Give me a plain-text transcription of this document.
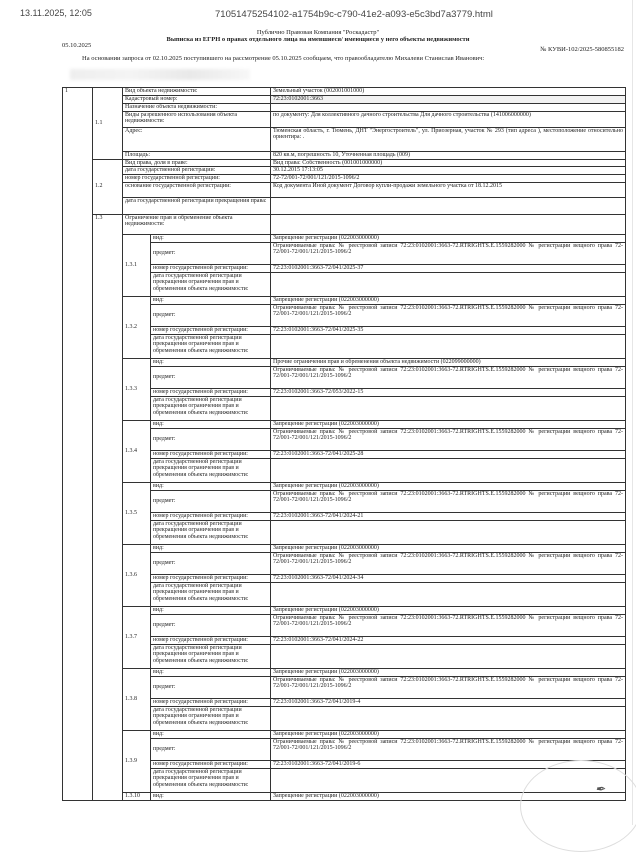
13.11.2025, 12:05	71051475254102-a1754b9c-c790-41e2-a093-e5c3bd7a3779.html
Публично Правовая Компания "Роскадастр"
Выписка из ЕГРН о правах отдельного лица на имевшиеся/ имеющиеся у него объекты недвижимости
05.10.2025
№ КУВИ-102/2025-580855182
На основании запроса от 02.10.2025 поступившего на рассмотрение 05.10.2025 сообщаем, что правообладателю Михалеви Станислав Иванович:
1	1.1	Вид объекта недвижимости:		Земельный участок (002001001000)
		Кадастровый номер:		72:23:0102001:3663
		Назначение объекта недвижимости:		
		Виды разрешенного использования объекта недвижимости:		по документу: Для коллективного дачного строительства Для дачного строительства (141006000000)
		Адрес:		Тюменская область, г. Тюмень, ДНТ "Энергостроитель", ул. Приозерная, участок № 293 (тип адреса ), местоположение относительно ориентира: .
		Площадь:		820 кв.м, погрешность 10, Уточненная площадь (009)
	1.2	Вид права, доля в праве:		Вид права: Собственность (001001000000)
		дата государственной регистрации:		30.12.2015 17:13:05
		номер государственной регистрации:		72-72/001-72/001/121/2015-1096/2
		основание государственной регистрации:		Код документа Иной документ Договор купли-продажи земельного участка от 18.12.2015
		дата государственной регистрации прекращения права:		
	1.3	Ограничение прав и обременение объекта недвижимости:		
		1.3.1	вид:	Запрещение регистрации (022003000000)
			предмет:	Ограничиваемые права: № реестровой записи 72:23:0102001:3663-72.RTRIGHTS.E.1559282000 № регистрации вещного права 72-72/001-72/001/121/2015-1096/2
			номер государственной регистрации:	72:23:0102001:3663-72/041/2025-37
			дата государственной регистрации прекращения ограничения прав и обременения объекта недвижимости:	
		1.3.2	вид:	Запрещение регистрации (022003000000)
			предмет:	Ограничиваемые права: № реестровой записи 72:23:0102001:3663-72.RTRIGHTS.E.1559282000 № регистрации вещного права 72-72/001-72/001/121/2015-1096/2
			номер государственной регистрации:	72:23:0102001:3663-72/041/2025-35
			дата государственной регистрации прекращения ограничения прав и обременения объекта недвижимости:	
		1.3.3	вид:	Прочие ограничения прав и обременения объекта недвижимости (022099000000)
			предмет:	Ограничиваемые права: № реестровой записи 72:23:0102001:3663-72.RTRIGHTS.E.1559282000 № регистрации вещного права 72-72/001-72/001/121/2015-1096/2
			номер государственной регистрации:	72:23:0102001:3663-72/053/2022-15
			дата государственной регистрации прекращения ограничения прав и обременения объекта недвижимости:	
		1.3.4	вид:	Запрещение регистрации (022003000000)
			предмет:	Ограничиваемые права: № реестровой записи 72:23:0102001:3663-72.RTRIGHTS.E.1559282000 № регистрации вещного права 72-72/001-72/001/121/2015-1096/2
			номер государственной регистрации:	72:23:0102001:3663-72/041/2025-28
			дата государственной регистрации прекращения ограничения прав и обременения объекта недвижимости:	
		1.3.5	вид:	Запрещение регистрации (022003000000)
			предмет:	Ограничиваемые права: № реестровой записи 72:23:0102001:3663-72.RTRIGHTS.E.1559282000 № регистрации вещного права 72-72/001-72/001/121/2015-1096/2
			номер государственной регистрации:	72:23:0102001:3663-72/041/2024-21
			дата государственной регистрации прекращения ограничения прав и обременения объекта недвижимости:	
		1.3.6	вид:	Запрещение регистрации (022003000000)
			предмет:	Ограничиваемые права: № реестровой записи 72:23:0102001:3663-72.RTRIGHTS.E.1559282000 № регистрации вещного права 72-72/001-72/001/121/2015-1096/2
			номер государственной регистрации:	72:23:0102001:3663-72/041/2024-34
			дата государственной регистрации прекращения ограничения прав и обременения объекта недвижимости:	
		1.3.7	вид:	Запрещение регистрации (022003000000)
			предмет:	Ограничиваемые права: № реестровой записи 72:23:0102001:3663-72.RTRIGHTS.E.1559282000 № регистрации вещного права 72-72/001-72/001/121/2015-1096/2
			номер государственной регистрации:	72:23:0102001:3663-72/041/2024-22
			дата государственной регистрации прекращения ограничения прав и обременения объекта недвижимости:	
		1.3.8	вид:	Запрещение регистрации (022003000000)
			предмет:	Ограничиваемые права: № реестровой записи 72:23:0102001:3663-72.RTRIGHTS.E.1559282000 № регистрации вещного права 72-72/001-72/001/121/2015-1096/2
			номер государственной регистрации:	72:23:0102001:3663-72/041/2019-4
			дата государственной регистрации прекращения ограничения прав и обременения объекта недвижимости:	
		1.3.9	вид:	Запрещение регистрации (022003000000)
			предмет:	Ограничиваемые права: № реестровой записи 72:23:0102001:3663-72.RTRIGHTS.E.1559282000 № регистрации вещного права 72-72/001-72/001/121/2015-1096/2
			номер государственной регистрации:	72:23:0102001:3663-72/041/2019-6
			дата государственной регистрации прекращения ограничения прав и обременения объекта недвижимости:	
		1.3.10	вид:	Запрещение регистрации (022003000000)	✒
